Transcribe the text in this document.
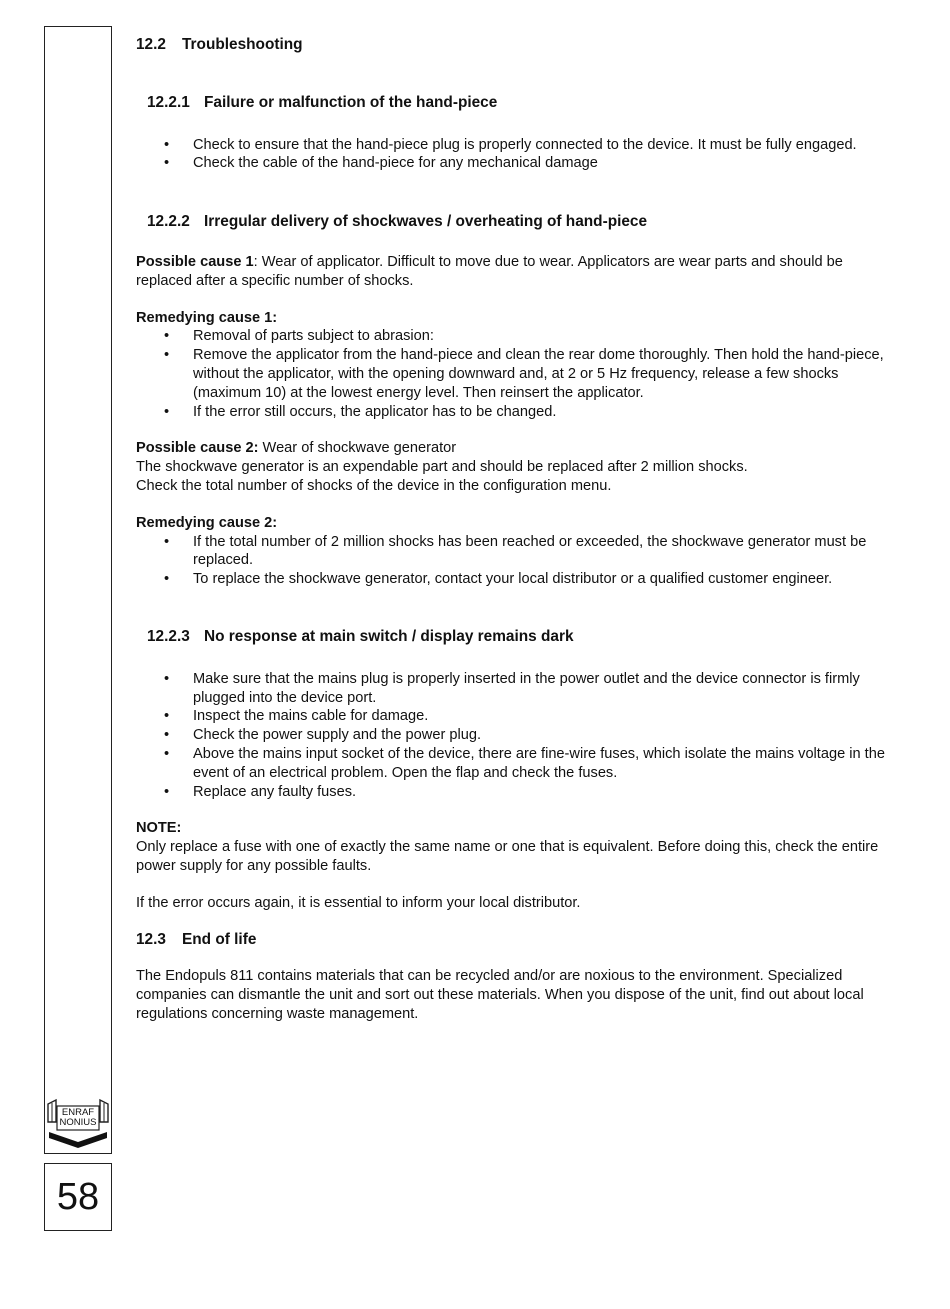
ENRAF
NONIUS
58
12.2 Troubleshooting
12.2.1 Failure or malfunction of the hand-piece
• Check to ensure that the hand-piece plug is properly connected to the device. It must be fully engaged.
• Check the cable of the hand-piece for any mechanical damage
12.2.2 Irregular delivery of shockwaves / overheating of hand-piece

Possible cause 1: Wear of applicator. Difficult to move due to wear. Applicators are wear parts and should be replaced after a specific number of shocks.

Remedying cause 1:

• Removal of parts subject to abrasion:
• Remove the applicator from the hand-piece and clean the rear dome thoroughly. Then hold the hand-piece, without the applicator, with the opening downward and, at 2 or 5 Hz frequency, release a few shocks (maximum 10) at the lowest energy level. Then reinsert the applicator.
• If the error still occurs, the applicator has to be changed.

Possible cause 2: Wear of shockwave generator

The shockwave generator is an expendable part and should be replaced after 2 million shocks.

Check the total number of shocks of the device in the configuration menu.

Remedying cause 2:

• If the total number of 2 million shocks has been reached or exceeded, the shockwave generator must be replaced.
• To replace the shockwave generator, contact your local distributor or a qualified customer engineer.
12.2.3 No response at main switch / display remains dark
• Make sure that the mains plug is properly inserted in the power outlet and the device connector is firmly plugged into the device port.
• Inspect the mains cable for damage.
• Check the power supply and the power plug.
• Above the mains input socket of the device, there are fine-wire fuses, which isolate the mains voltage in the event of an electrical problem. Open the flap and check the fuses.
• Replace any faulty fuses.

NOTE:

Only replace a fuse with one of exactly the same name or one that is equivalent. Before doing this, check the entire power supply for any possible faults.

If the error occurs again, it is essential to inform your local distributor.

12.3 End of life

The Endopuls 811 contains materials that can be recycled and/or are noxious to the environment. Specialized companies can dismantle the unit and sort out these materials. When you dispose of the unit, find out about local regulations concerning waste management.
